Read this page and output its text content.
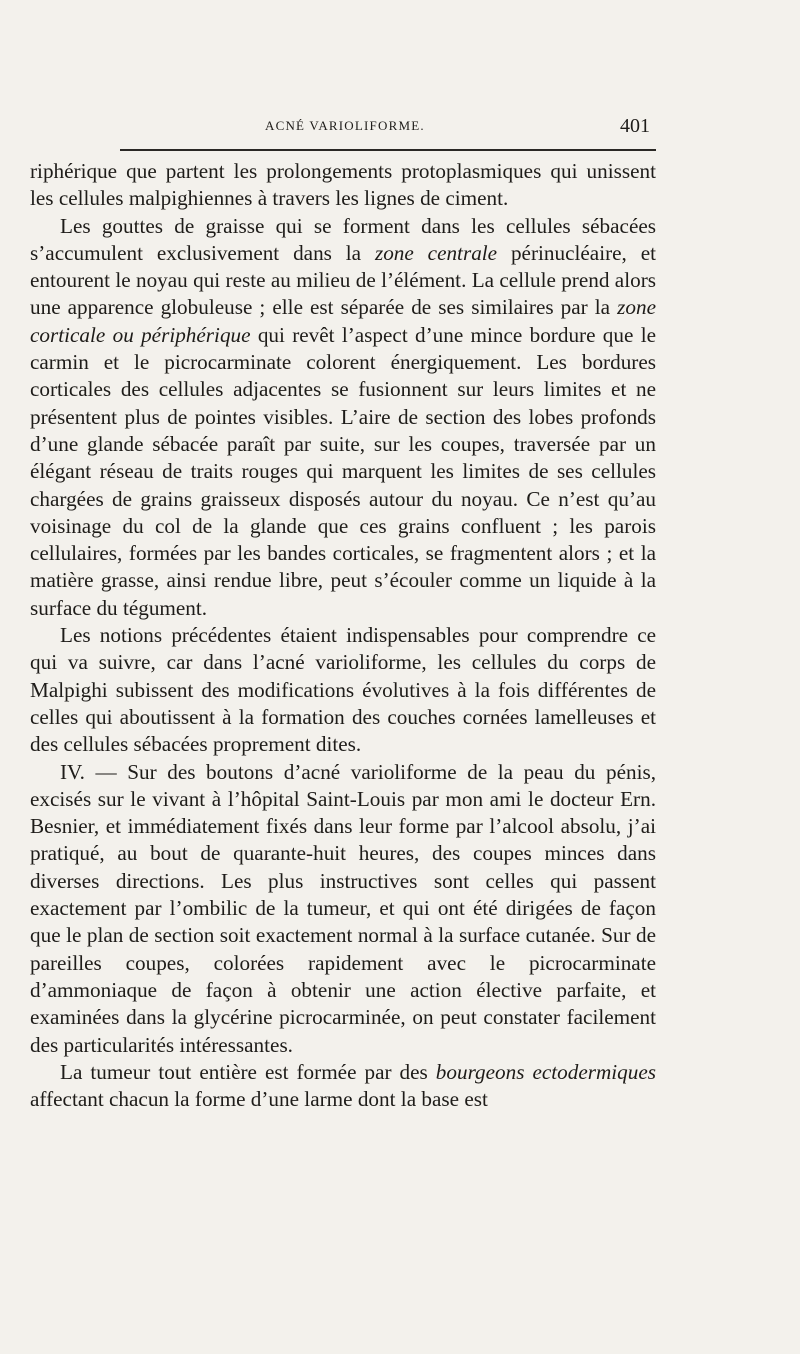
ACNÉ VARIOLIFORME.	401

riphérique que partent les prolongements protoplasmiques qui unissent les cellules malpighiennes à travers les lignes de ciment.

Les gouttes de graisse qui se forment dans les cellules sébacées s’accumulent exclusivement dans la zone centrale périnucléaire, et entourent le noyau qui reste au milieu de l’élément. La cellule prend alors une apparence globuleuse ; elle est séparée de ses similaires par la zone corticale ou périphérique qui revêt l’aspect d’une mince bordure que le carmin et le picrocarminate colorent énergiquement. Les bordures corticales des cellules adjacentes se fusionnent sur leurs limites et ne présentent plus de pointes visibles. L’aire de section des lobes profonds d’une glande sébacée paraît par suite, sur les coupes, traversée par un élégant réseau de traits rouges qui marquent les limites de ses cellules chargées de grains graisseux disposés autour du noyau. Ce n’est qu’au voisinage du col de la glande que ces grains confluent ; les parois cellulaires, formées par les bandes corticales, se fragmentent alors ; et la matière grasse, ainsi rendue libre, peut s’écouler comme un liquide à la surface du tégument.

Les notions précédentes étaient indispensables pour comprendre ce qui va suivre, car dans l’acné varioliforme, les cellules du corps de Malpighi subissent des modifications évolutives à la fois différentes de celles qui aboutissent à la formation des couches cornées lamelleuses et des cellules sébacées proprement dites.

IV. — Sur des boutons d’acné varioliforme de la peau du pénis, excisés sur le vivant à l’hôpital Saint-Louis par mon ami le docteur Ern. Besnier, et immédiatement fixés dans leur forme par l’alcool absolu, j’ai pratiqué, au bout de quarante-huit heures, des coupes minces dans diverses directions. Les plus instructives sont celles qui passent exactement par l’ombilic de la tumeur, et qui ont été dirigées de façon que le plan de section soit exactement normal à la surface cutanée. Sur de pareilles coupes, colorées rapidement avec le picrocarminate d’ammoniaque de façon à obtenir une action élective parfaite, et examinées dans la glycérine picrocarminée, on peut constater facilement des particularités intéressantes.

La tumeur tout entière est formée par des bourgeons ectodermiques affectant chacun la forme d’une larme dont la base est
